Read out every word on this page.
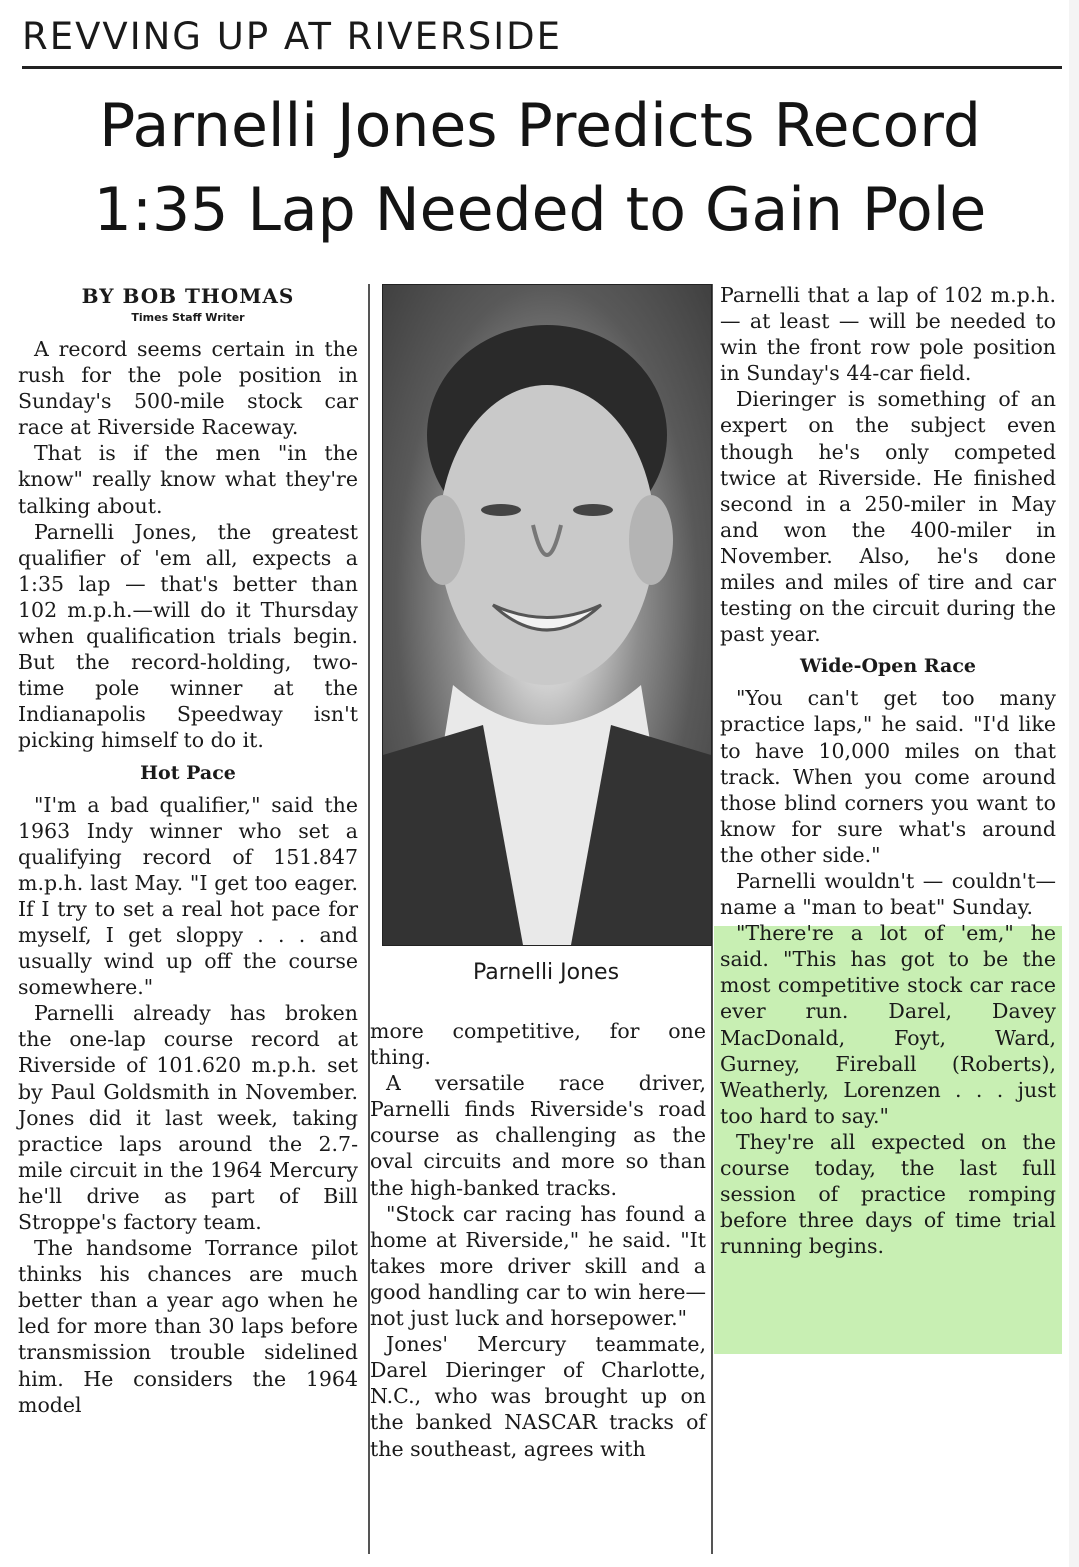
REVVING UP AT RIVERSIDE
Parnelli Jones Predicts Record
1:35 Lap Needed to Gain Pole
BY BOB THOMAS
Times Staff Writer

A record seems certain in the rush for the pole position in Sunday's 500-mile stock car race at Riverside Raceway.

That is if the men "in the know" really know what they're talking about.

Parnelli Jones, the greatest qualifier of 'em all, expects a 1:35 lap — that's better than 102 m.p.h.—will do it Thursday when qualification trials begin. But the record-holding, two-time pole winner at the Indianapolis Speedway isn't picking himself to do it.

Hot Pace

"I'm a bad qualifier," said the 1963 Indy winner who set a qualifying record of 151.847 m.p.h. last May. "I get too eager. If I try to set a real hot pace for myself, I get sloppy . . . and usually wind up off the course somewhere."

Parnelli already has broken the one-lap course record at Riverside of 101.620 m.p.h. set by Paul Goldsmith in November. Jones did it last week, taking practice laps around the 2.7-mile circuit in the 1964 Mercury he'll drive as part of Bill Stroppe's factory team.

The handsome Torrance pilot thinks his chances are much better than a year ago when he led for more than 30 laps before transmission trouble sidelined him. He considers the 1964 model

Parnelli Jones

more competitive, for one thing.

A versatile race driver, Parnelli finds Riverside's road course as challenging as the oval circuits and more so than the high-banked tracks.

"Stock car racing has found a home at Riverside," he said. "It takes more driver skill and a good handling car to win here—not just luck and horsepower."

Jones' Mercury teammate, Darel Dieringer of Charlotte, N.C., who was brought up on the banked NASCAR tracks of the southeast, agrees with

Parnelli that a lap of 102 m.p.h. — at least — will be needed to win the front row pole position in Sunday's 44-car field.

Dieringer is something of an expert on the subject even though he's only competed twice at Riverside. He finished second in a 250-miler in May and won the 400-miler in November. Also, he's done miles and miles of tire and car testing on the circuit during the past year.

Wide-Open Race

"You can't get too many practice laps," he said. "I'd like to have 10,000 miles on that track. When you come around those blind corners you want to know for sure what's around the other side."

Parnelli wouldn't — couldn't—name a "man to beat" Sunday.

"There're a lot of 'em," he said. "This has got to be the most competitive stock car race ever run. Darel, Davey MacDonald, Foyt, Ward, Gurney, Fireball (Roberts), Weatherly, Lorenzen . . . just too hard to say."

They're all expected on the course today, the last full session of practice romping before three days of time trial running begins.
